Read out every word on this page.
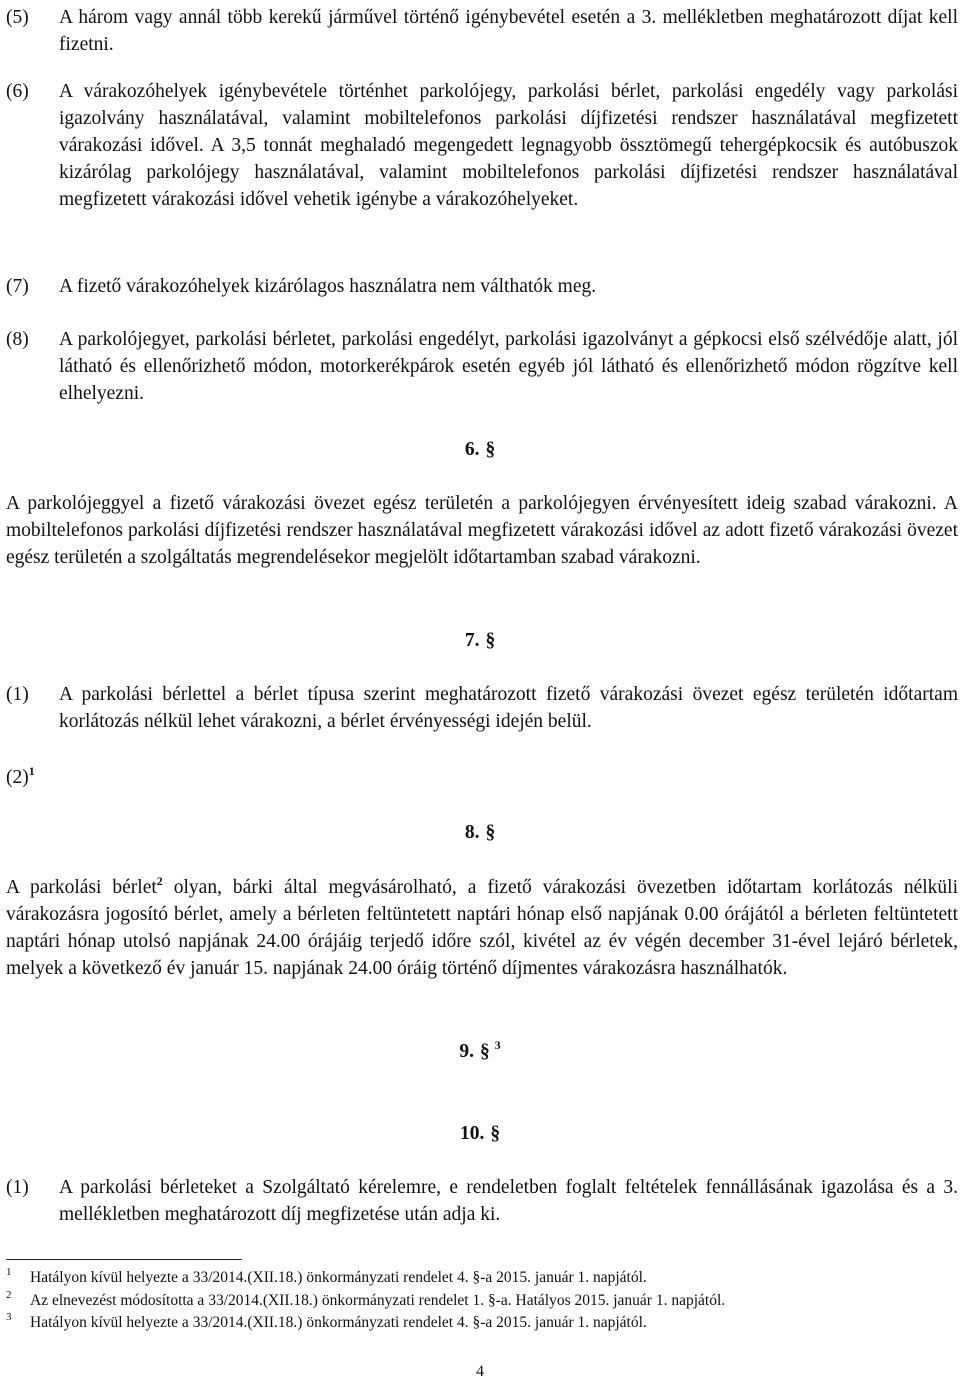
(5)	A három vagy annál több kerekű járművel történő igénybevétel esetén a 3. mellékletben meghatározott díjat kell fizetni.
(6)	A várakozóhelyek igénybevétele történhet parkolójegy, parkolási bérlet, parkolási engedély vagy parkolási igazolvány használatával, valamint mobiltelefonos parkolási díjfizetési rendszer használatával megfizetett várakozási idővel. A 3,5 tonnát meghaladó megengedett legnagyobb össztömegű tehergépkocsik és autóbuszok kizárólag parkolójegy használatával, valamint mobiltelefonos parkolási díjfizetési rendszer használatával megfizetett várakozási idővel vehetik igénybe a várakozóhelyeket.
(7)	A fizető várakozóhelyek kizárólagos használatra nem válthatók meg.
(8)	A parkolójegyet, parkolási bérletet, parkolási engedélyt, parkolási igazolványt a gépkocsi első szélvédője alatt, jól látható és ellenőrizhető módon, motorkerékpárok esetén egyéb jól látható és ellenőrizhető módon rögzítve kell elhelyezni.
6. §
A parkolójeggyel a fizető várakozási övezet egész területén a parkolójegyen érvényesített ideig szabad várakozni. A mobiltelefonos parkolási díjfizetési rendszer használatával megfizetett várakozási idővel az adott fizető várakozási övezet egész területén a szolgáltatás megrendelésekor megjelölt időtartamban szabad várakozni.
7. §
(1)	A parkolási bérlettel a bérlet típusa szerint meghatározott fizető várakozási övezet egész területén időtartam korlátozás nélkül lehet várakozni, a bérlet érvényességi idején belül.
$(2)^1$
8. §
A parkolási bérlet$^2$ olyan, bárki által megvásárolható, a fizető várakozási övezetben időtartam korlátozás nélküli várakozásra jogosító bérlet, amely a bérleten feltüntetett naptári hónap első napjának 0.00 órájától a bérleten feltüntetett naptári hónap utolsó napjának 24.00 órájáig terjedő időre szól, kivétel az év végén december 31-ével lejáró bérletek, melyek a következő év január 15. napjának 24.00 óráig történő díjmentes várakozásra használhatók.
9. § $^3$
10. §
(1)	A parkolási bérleteket a Szolgáltató kérelemre, e rendeletben foglalt feltételek fennállásának igazolása és a 3. mellékletben meghatározott díj megfizetése után adja ki.
1 Hatályon kívül helyezte a 33/2014.(XII.18.) önkormányzati rendelet 4. §-a 2015. január 1. napjától.
2 Az elnevezést módosította a 33/2014.(XII.18.) önkormányzati rendelet 1. §-a. Hatályos 2015. január 1. napjától.
3 Hatályon kívül helyezte a 33/2014.(XII.18.) önkormányzati rendelet 4. §-a 2015. január 1. napjától.
4
